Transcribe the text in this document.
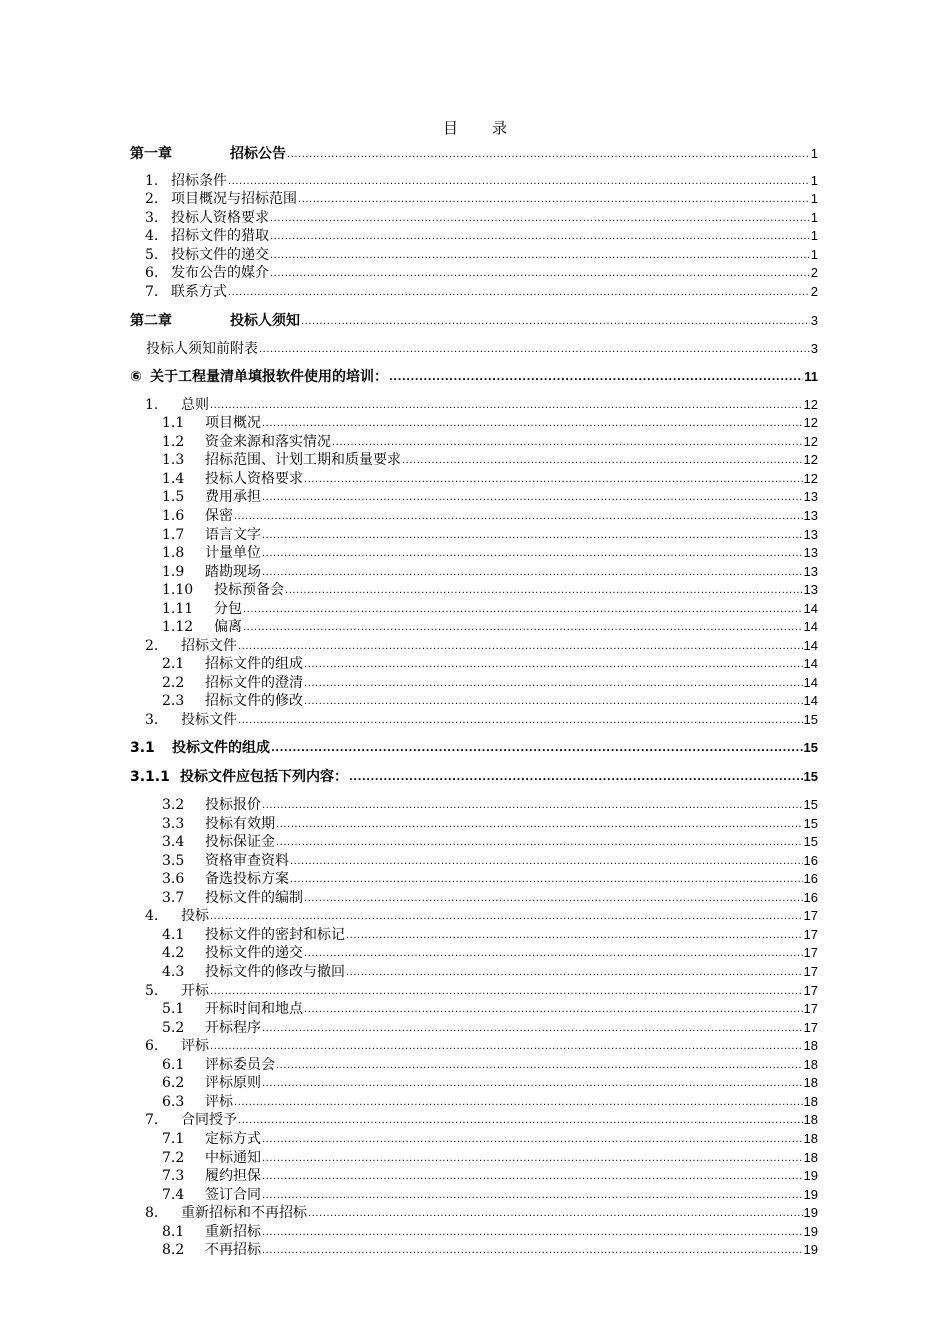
目 录
第一章	招标公告 .....	1
1. 招标条件 .....	1
2. 项目概况与招标范围 .....	1
3. 投标人资格要求 .....	1
4. 招标文件的猎取 .....	1
5. 投标文件的递交 .....	1
6. 发布公告的媒介 .....	2
7. 联系方式 .....	2
第二章	投标人须知 .....	3
投标人须知前附表 .....	3
⑥ 关于工程量清单填报软件使用的培训： .....	11
1.	总则 .....	12
1.1	项目概况 .....	12
1.2	资金来源和落实情况 .....	12
1.3	招标范围、计划工期和质量要求 .....	12
1.4	投标人资格要求 .....	12
1.5	费用承担 .....	13
1.6	保密 .....	13
1.7	语言文字 .....	13
1.8	计量单位 .....	13
1.9	踏勘现场 .....	13
1.10	投标预备会 .....	13
1.11	分包 .....	14
1.12	偏离 .....	14
2.	招标文件 .....	14
2.1	招标文件的组成 .....	14
2.2	招标文件的澄清 .....	14
2.3	招标文件的修改 .....	14
3.	投标文件 .....	15
3.1	投标文件的组成 .....	15
3.1.1 投标文件应包括下列内容： .....	15
3.2	投标报价 .....	15
3.3	投标有效期 .....	15
3.4	投标保证金 .....	15
3.5	资格审查资料 .....	16
3.6	备选投标方案 .....	16
3.7	投标文件的编制 .....	16
4.	投标 .....	17
4.1	投标文件的密封和标记 .....	17
4.2	投标文件的递交 .....	17
4.3	投标文件的修改与撤回 .....	17
5.	开标 .....	17
5.1	开标时间和地点 .....	17
5.2	开标程序 .....	17
6.	评标 .....	18
6.1	评标委员会 .....	18
6.2	评标原则 .....	18
6.3	评标 .....	18
7.	合同授予 .....	18
7.1	定标方式 .....	18
7.2	中标通知 .....	18
7.3	履约担保 .....	19
7.4	签订合同 .....	19
8.	重新招标和不再招标 .....	19
8.1	重新招标 .....	19
8.2	不再招标 .....	19
